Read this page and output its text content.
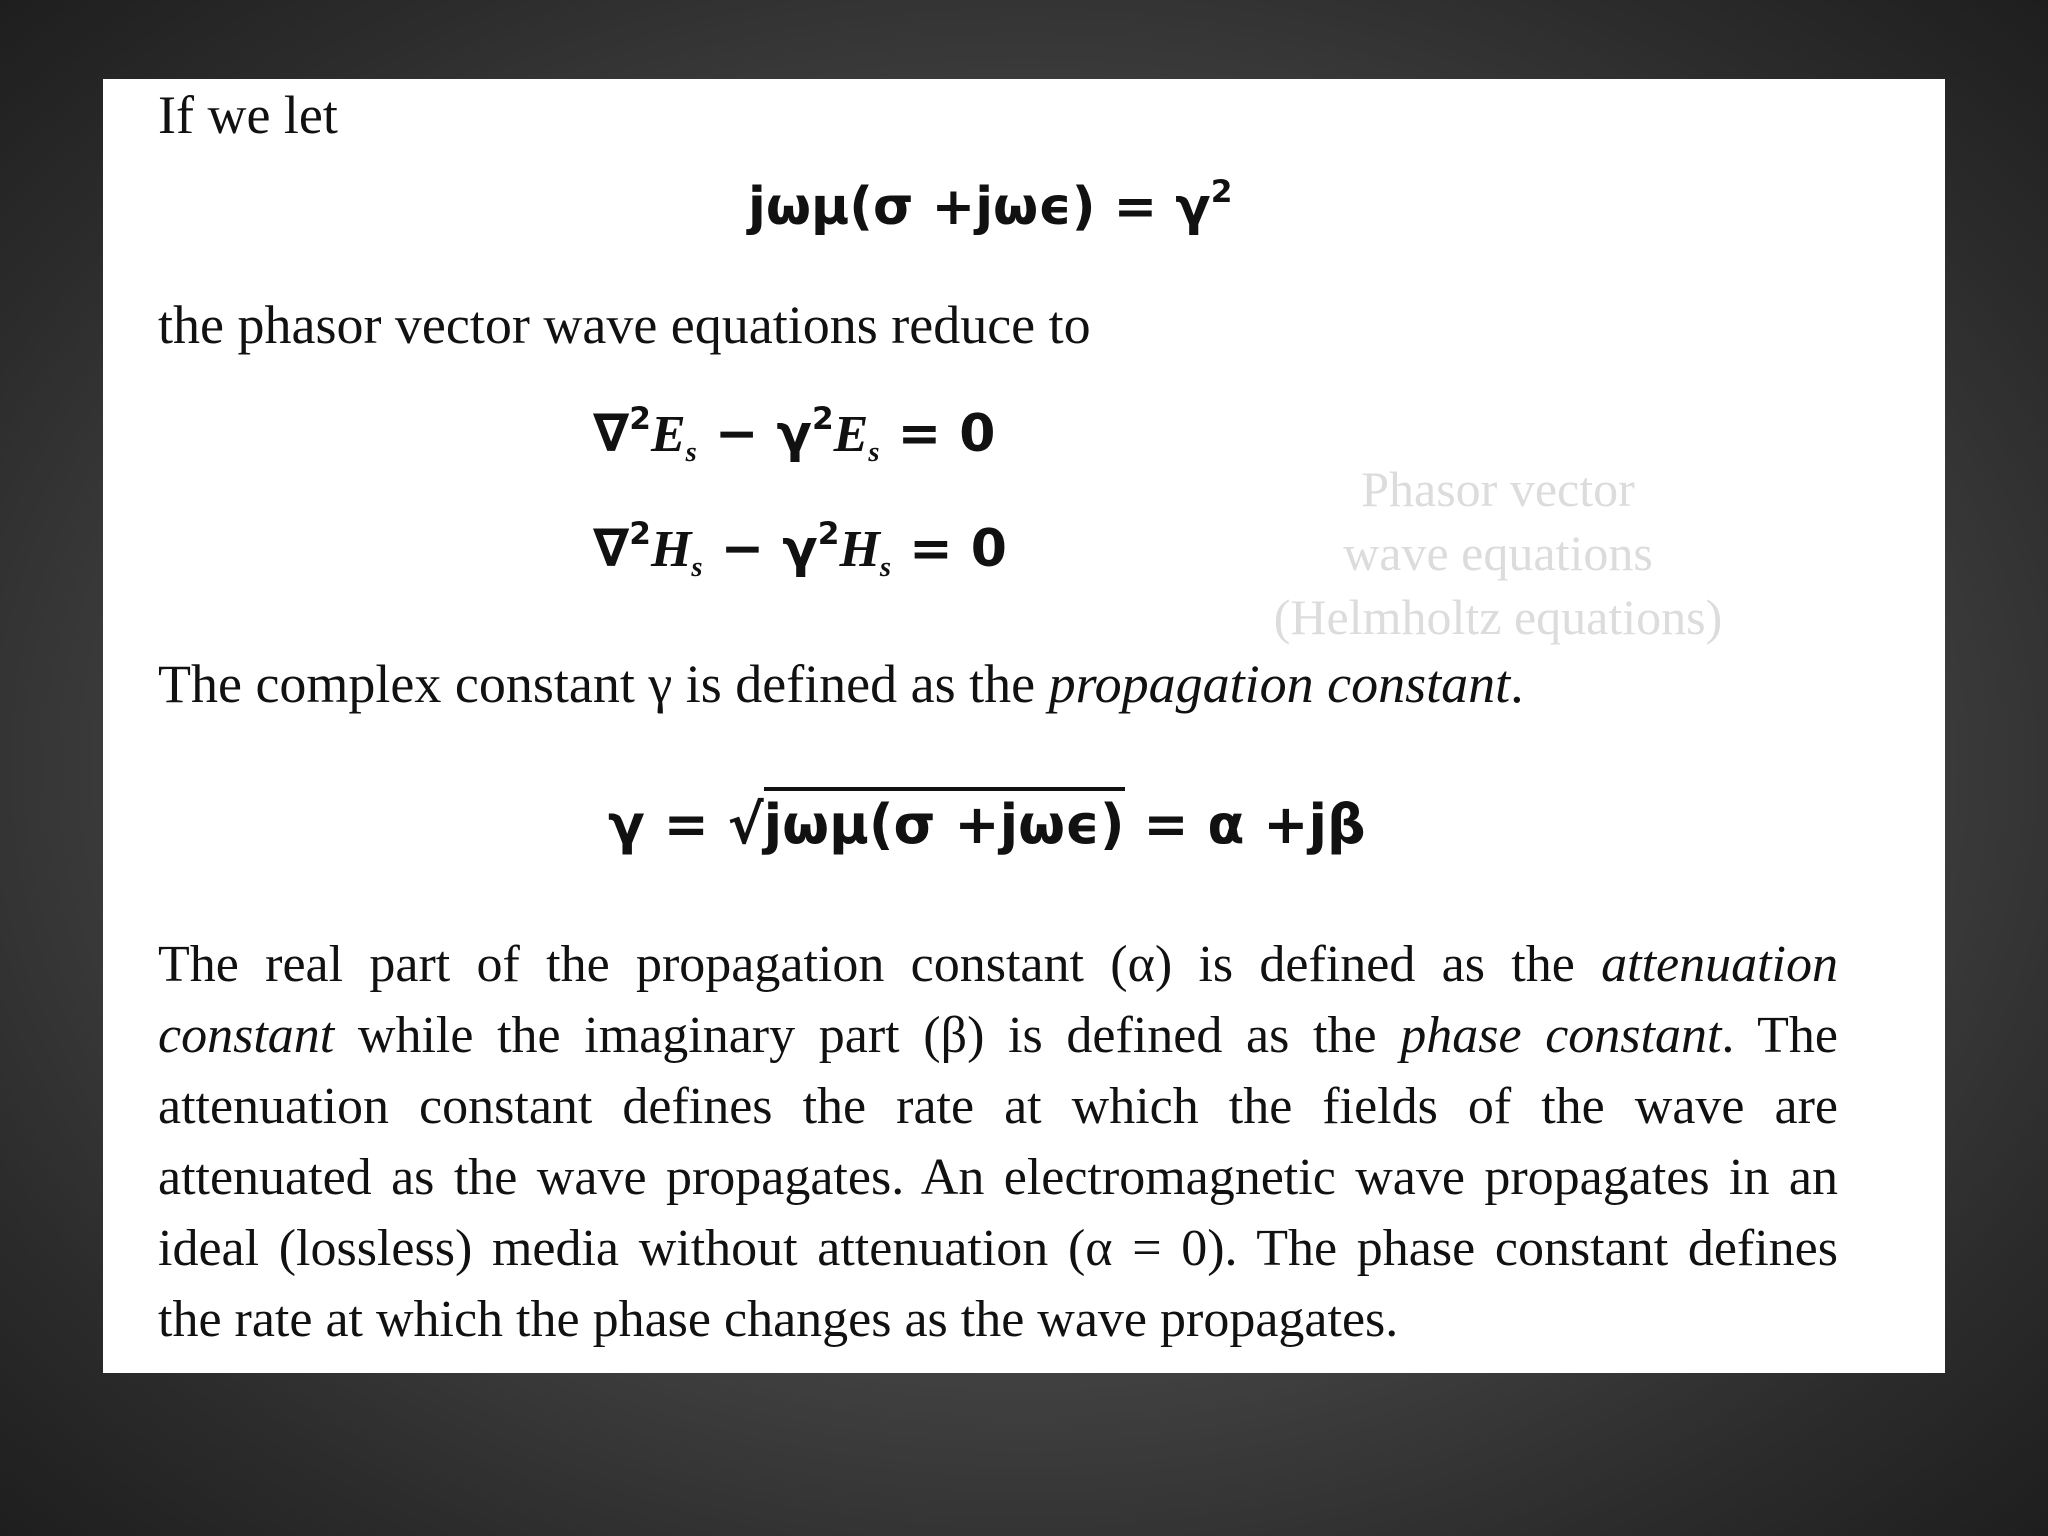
If we let
$j\omega\mu(\sigma +j\omega\epsilon) = \gamma^2$
the phasor vector wave equations reduce to
$\nabla^2E_s - \gamma^2E_s = 0$
$\nabla^2H_s - \gamma^2H_s = 0$
Phasor vector
wave equations
(Helmholtz equations)
The complex constant γ is defined as the propagation constant.
γ = √jωμ(σ +jωϵ) = α +jβ
The real part of the propagation constant (α) is defined as the attenuation constant while the imaginary part (β) is defined as the phase constant. The attenuation constant defines the rate at which the fields of the wave are attenuated as the wave propagates. An electromagnetic wave propagates in an ideal (lossless) media without attenuation (α = 0). The phase constant defines the rate at which the phase changes as the wave propagates.
